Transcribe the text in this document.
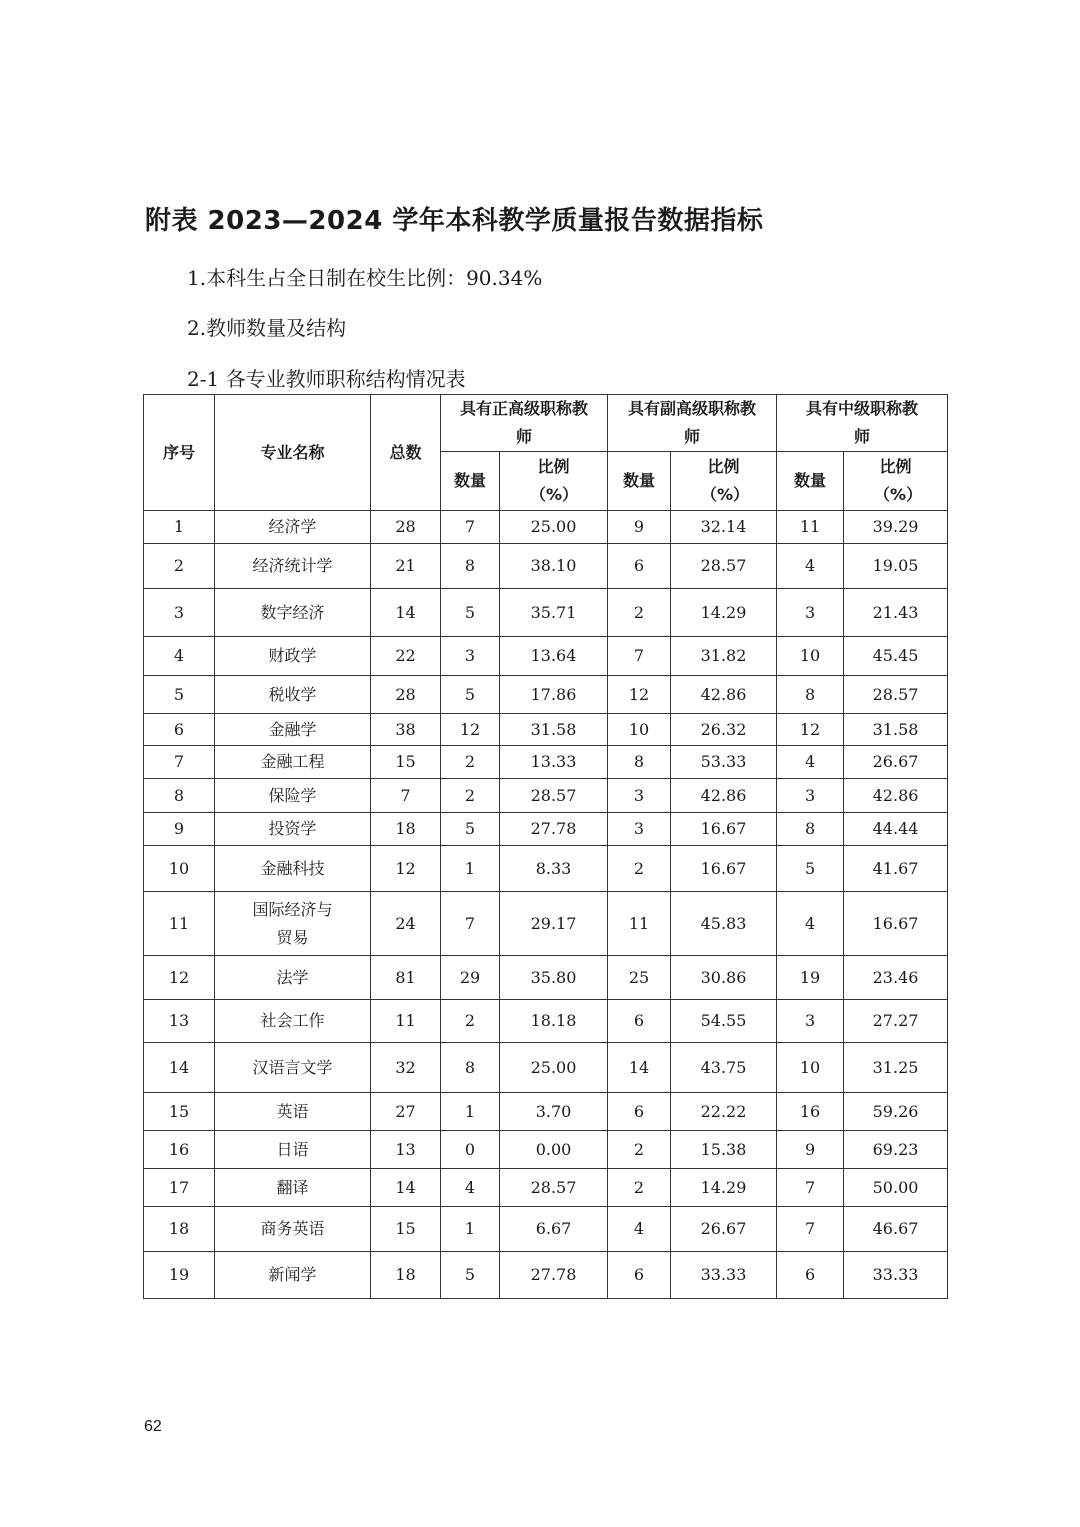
附表 2023—2024 学年本科教学质量报告数据指标

1.本科生占全日制在校生比例：90.34%

2.教师数量及结构

2-1 各专业教师职称结构情况表

序号	专业名称	总数	具有正高级职称教师		具有副高级职称教师		具有中级职称教师	
			数量	比例（%）	数量	比例（%）	数量	比例（%）
1	经济学	28	7	25.00	9	32.14	11	39.29
2	经济统计学	21	8	38.10	6	28.57	4	19.05
3	数字经济	14	5	35.71	2	14.29	3	21.43
4	财政学	22	3	13.64	7	31.82	10	45.45
5	税收学	28	5	17.86	12	42.86	8	28.57
6	金融学	38	12	31.58	10	26.32	12	31.58
7	金融工程	15	2	13.33	8	53.33	4	26.67
8	保险学	7	2	28.57	3	42.86	3	42.86
9	投资学	18	5	27.78	3	16.67	8	44.44
10	金融科技	12	1	8.33	2	16.67	5	41.67
11	国际经济与贸易	24	7	29.17	11	45.83	4	16.67
12	法学	81	29	35.80	25	30.86	19	23.46
13	社会工作	11	2	18.18	6	54.55	3	27.27
14	汉语言文学	32	8	25.00	14	43.75	10	31.25
15	英语	27	1	3.70	6	22.22	16	59.26
16	日语	13	0	0.00	2	15.38	9	69.23
17	翻译	14	4	28.57	2	14.29	7	50.00
18	商务英语	15	1	6.67	4	26.67	7	46.67
19	新闻学	18	5	27.78	6	33.33	6	33.33
62
